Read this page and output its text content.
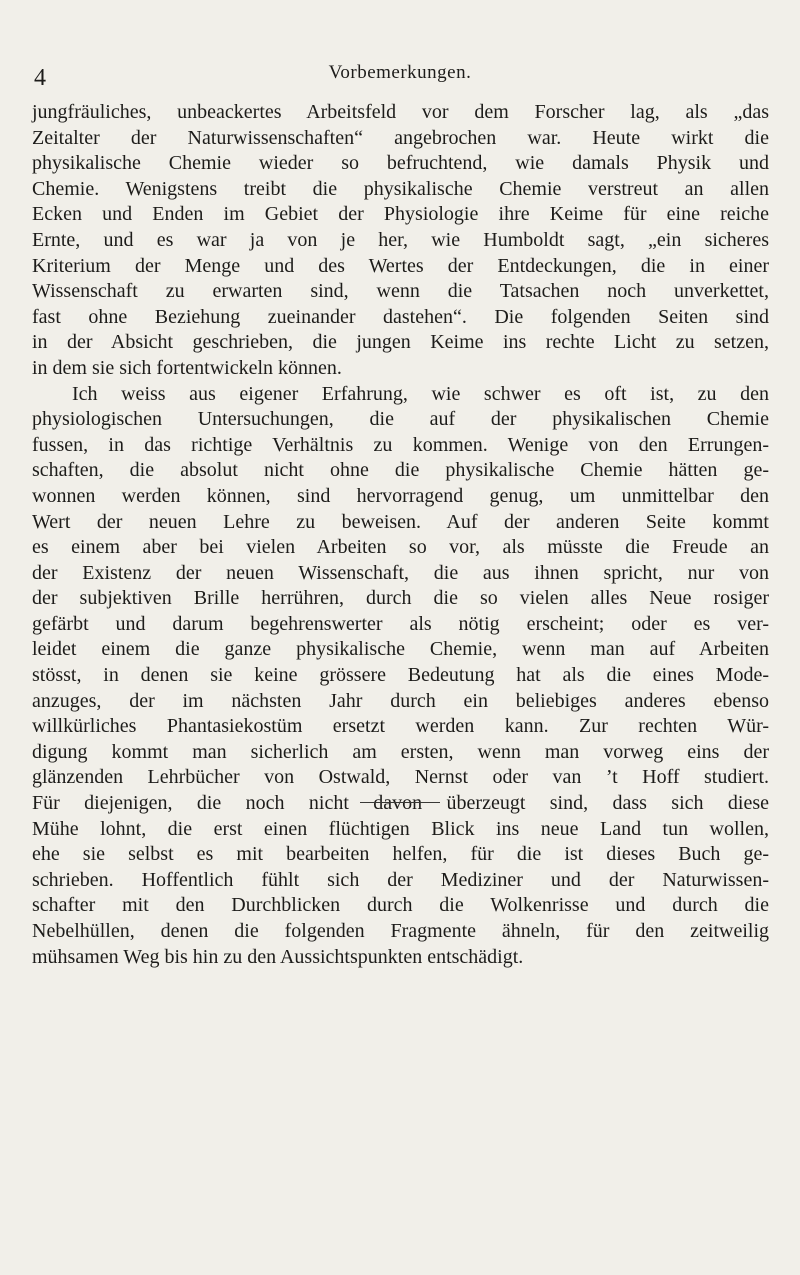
4	Vorbemerkungen.
jungfräuliches, unbeackertes Arbeitsfeld vor dem Forscher lag, als „das
Zeitalter der Naturwissenschaften“ angebrochen war. Heute wirkt die
physikalische Chemie wieder so befruchtend, wie damals Physik und
Chemie. Wenigstens treibt die physikalische Chemie verstreut an allen
Ecken und Enden im Gebiet der Physiologie ihre Keime für eine reiche
Ernte, und es war ja von je her, wie Humboldt sagt, „ein sicheres
Kriterium der Menge und des Wertes der Entdeckungen, die in einer
Wissenschaft zu erwarten sind, wenn die Tatsachen noch unverkettet,
fast ohne Beziehung zueinander dastehen“. Die folgenden Seiten sind
in der Absicht geschrieben, die jungen Keime ins rechte Licht zu setzen,
in dem sie sich fortentwickeln können.
Ich weiss aus eigener Erfahrung, wie schwer es oft ist, zu den
physiologischen Untersuchungen, die auf der physikalischen Chemie
fussen, in das richtige Verhältnis zu kommen. Wenige von den Errungen-
schaften, die absolut nicht ohne die physikalische Chemie hätten ge-
wonnen werden können, sind hervorragend genug, um unmittelbar den
Wert der neuen Lehre zu beweisen. Auf der anderen Seite kommt
es einem aber bei vielen Arbeiten so vor, als müsste die Freude an
der Existenz der neuen Wissenschaft, die aus ihnen spricht, nur von
der subjektiven Brille herrühren, durch die so vielen alles Neue rosiger
gefärbt und darum begehrenswerter als nötig erscheint; oder es ver-
leidet einem die ganze physikalische Chemie, wenn man auf Arbeiten
stösst, in denen sie keine grössere Bedeutung hat als die eines Mode-
anzuges, der im nächsten Jahr durch ein beliebiges anderes ebenso
willkürliches Phantasiekostüm ersetzt werden kann. Zur rechten Wür-
digung kommt man sicherlich am ersten, wenn man vorweg eins der
glänzenden Lehrbücher von Ostwald, Nernst oder van ’t Hoff studiert.
Für diejenigen, die noch nicht davon überzeugt sind, dass sich diese
Mühe lohnt, die erst einen flüchtigen Blick ins neue Land tun wollen,
ehe sie selbst es mit bearbeiten helfen, für die ist dieses Buch ge-
schrieben. Hoffentlich fühlt sich der Mediziner und der Naturwissen-
schafter mit den Durchblicken durch die Wolkenrisse und durch die
Nebelhüllen, denen die folgenden Fragmente ähneln, für den zeitweilig
mühsamen Weg bis hin zu den Aussichtspunkten entschädigt.
